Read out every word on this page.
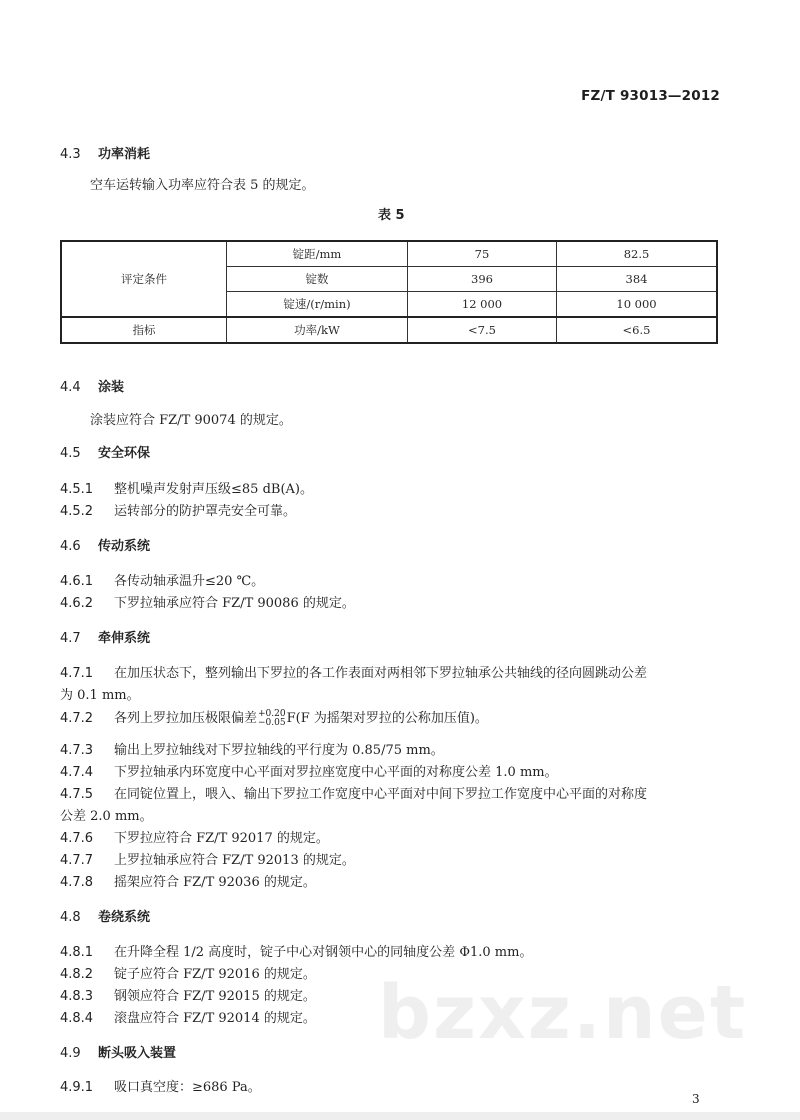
FZ/T 93013—2012
4.3 功率消耗
空车运转输入功率应符合表 5 的规定。
表 5
评定条件	锭距/mm	75	82.5
	锭数	396	384
	锭速/(r/min)	12 000	10 000
指标	功率/kW	<7.5	<6.5
4.4 涂装
涂装应符合 FZ/T 90074 的规定。
4.5 安全环保
4.5.1 整机噪声发射声压级≤85 dB(A)。
4.5.2 运转部分的防护罩壳安全可靠。
4.6 传动系统
4.6.1 各传动轴承温升≤20 ℃。
4.6.2 下罗拉轴承应符合 FZ/T 90086 的规定。
4.7 牵伸系统
4.7.1 在加压状态下，整列输出下罗拉的各工作表面对两相邻下罗拉轴承公共轴线的径向圆跳动公差
为 0.1 mm。
4.7.2 各列上罗拉加压极限偏差 +0.20
−0.05 F(F 为摇架对罗拉的公称加压值)。
4.7.3 输出上罗拉轴线对下罗拉轴线的平行度为 0.85/75 mm。
4.7.4 下罗拉轴承内环宽度中心平面对罗拉座宽度中心平面的对称度公差 1.0 mm。
4.7.5 在同锭位置上，喂入、输出下罗拉工作宽度中心平面对中间下罗拉工作宽度中心平面的对称度
公差 2.0 mm。
4.7.6 下罗拉应符合 FZ/T 92017 的规定。
4.7.7 上罗拉轴承应符合 FZ/T 92013 的规定。
4.7.8 摇架应符合 FZ/T 92036 的规定。
4.8 卷绕系统
4.8.1 在升降全程 1/2 高度时，锭子中心对钢领中心的同轴度公差 Φ1.0 mm。
4.8.2 锭子应符合 FZ/T 92016 的规定。
4.8.3 钢领应符合 FZ/T 92015 的规定。
4.8.4 滚盘应符合 FZ/T 92014 的规定。 bzxz.net
4.9 断头吸入装置
4.9.1 吸口真空度：≥686 Pa。
3
